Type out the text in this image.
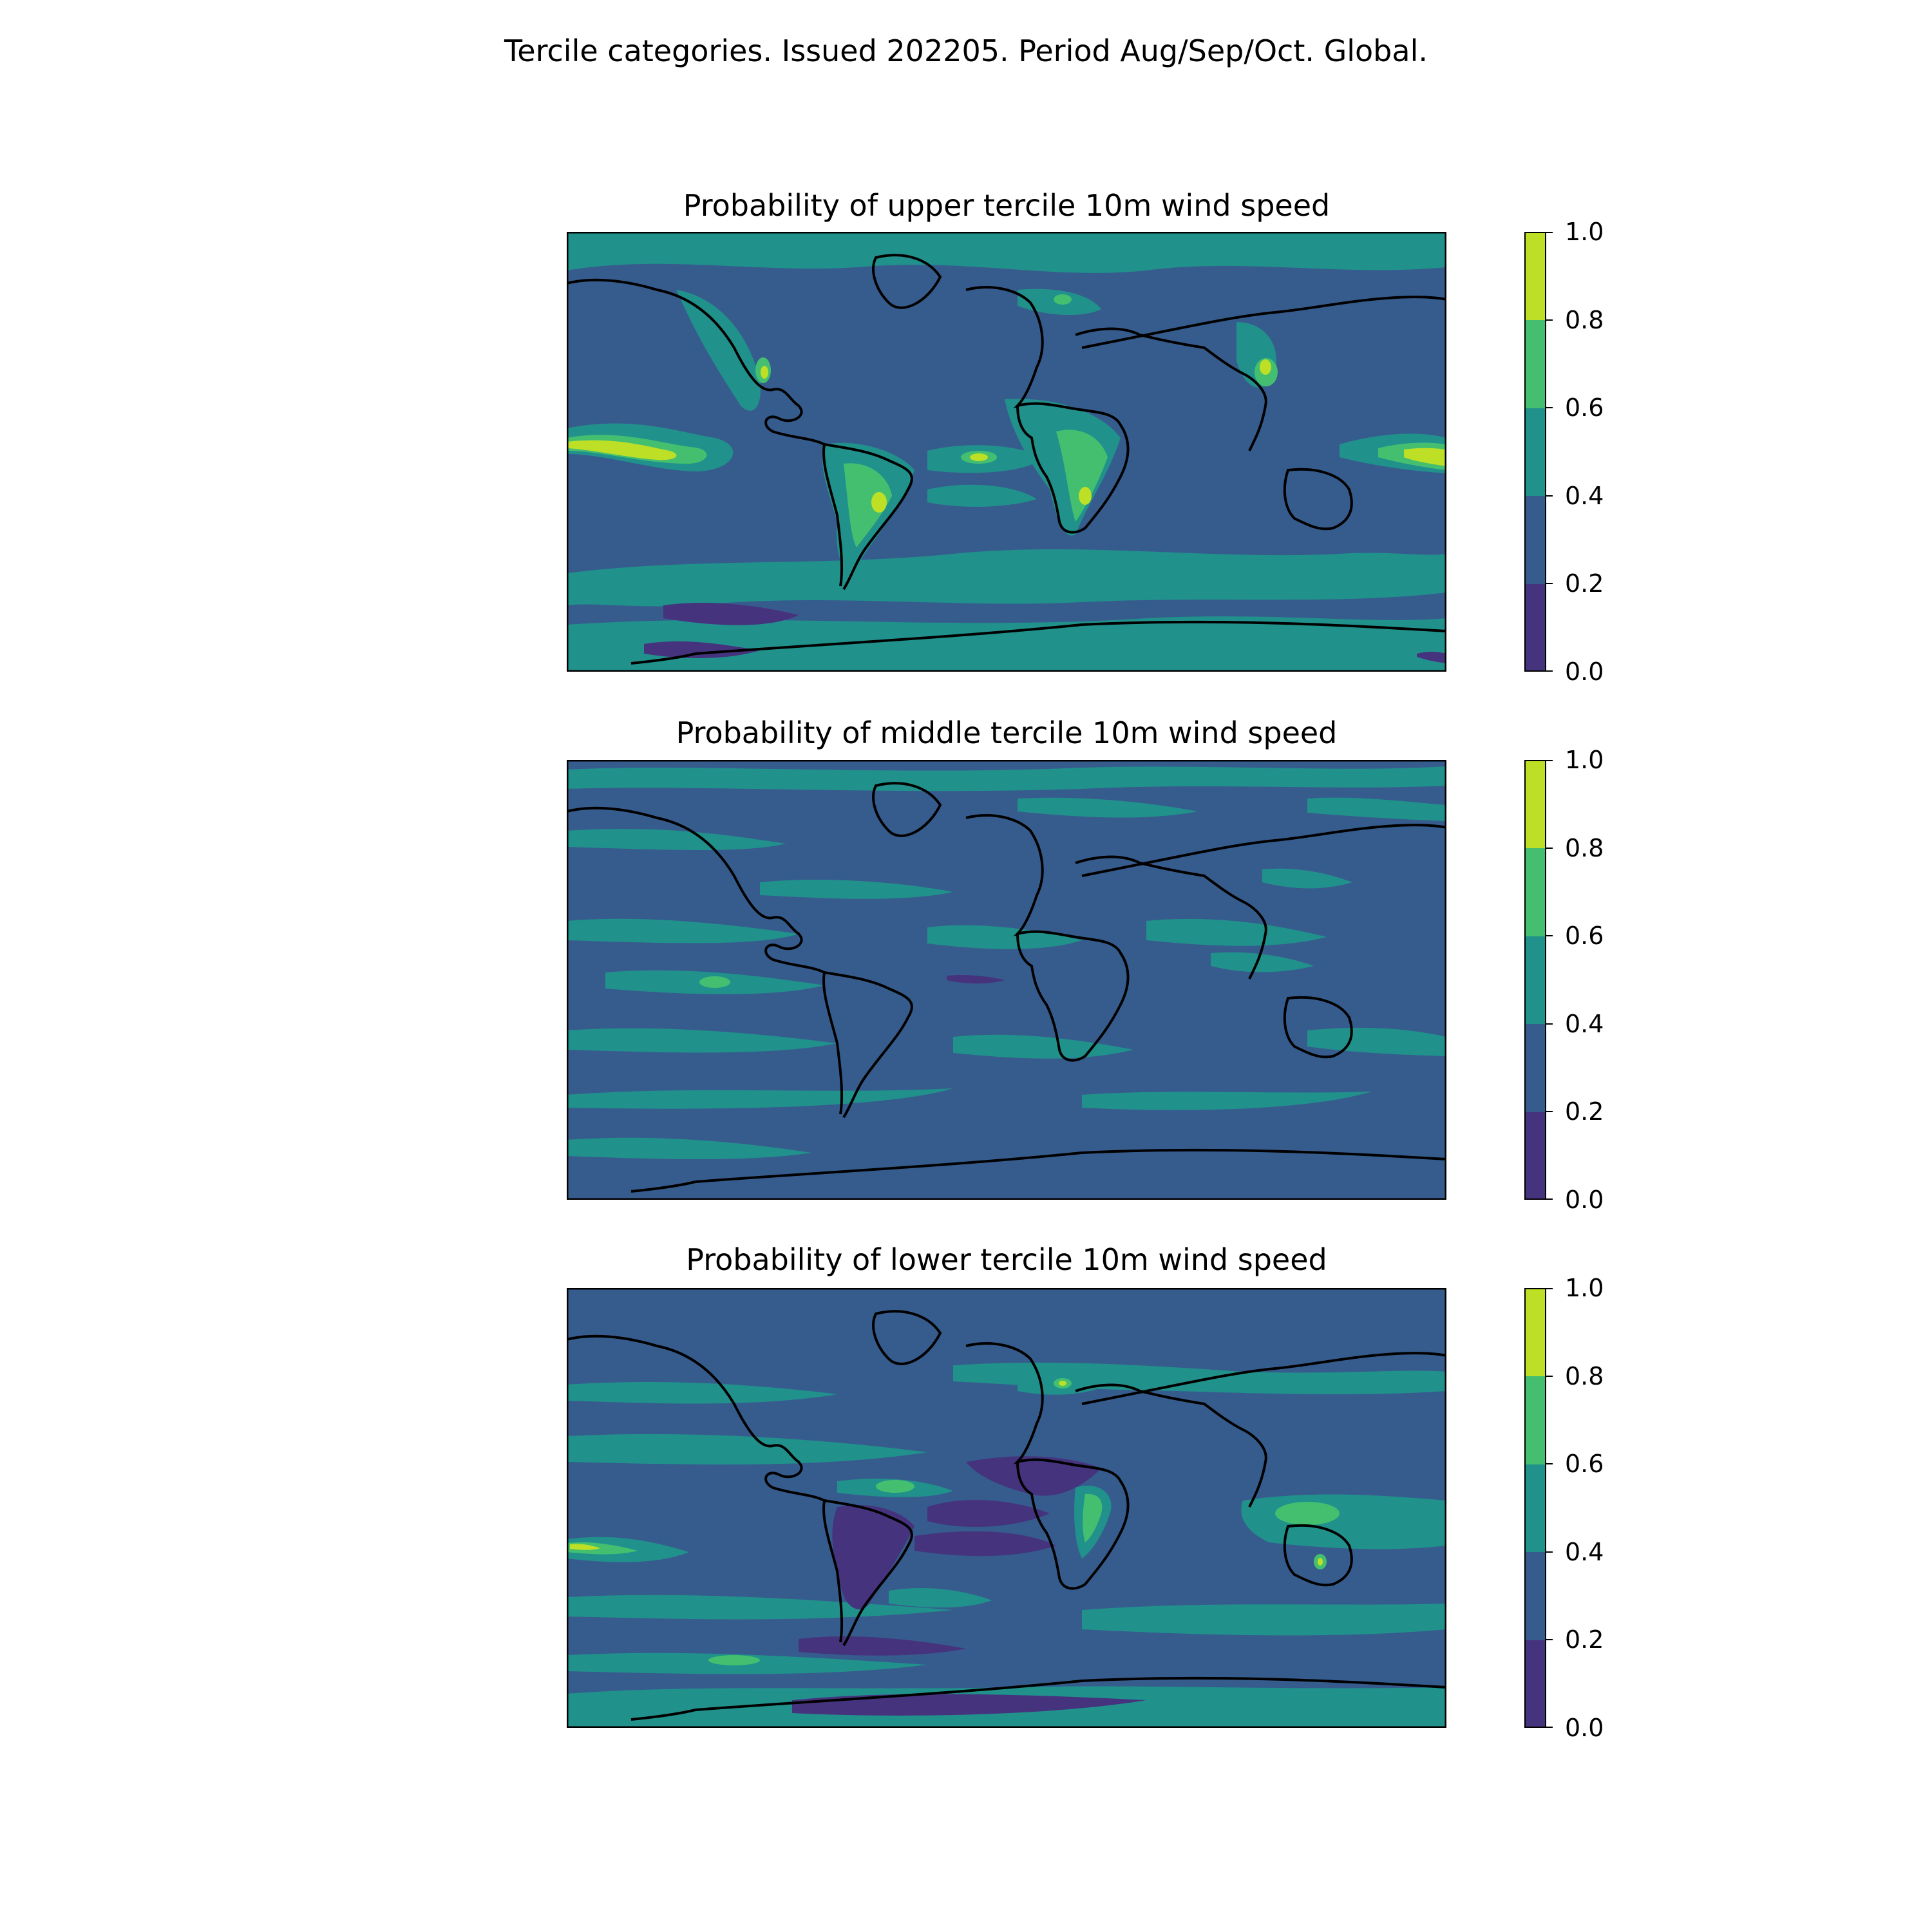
Tercile categories. Issued 202205. Period Aug/Sep/Oct. Global.
Probability of upper tercile 10m wind speed
1.0
0.8
0.6
0.4
0.2
0.0
Probability of middle tercile 10m wind speed
1.0
0.8
0.6
0.4
0.2
0.0
Probability of lower tercile 10m wind speed
1.0
0.8
0.6
0.4
0.2
0.0
